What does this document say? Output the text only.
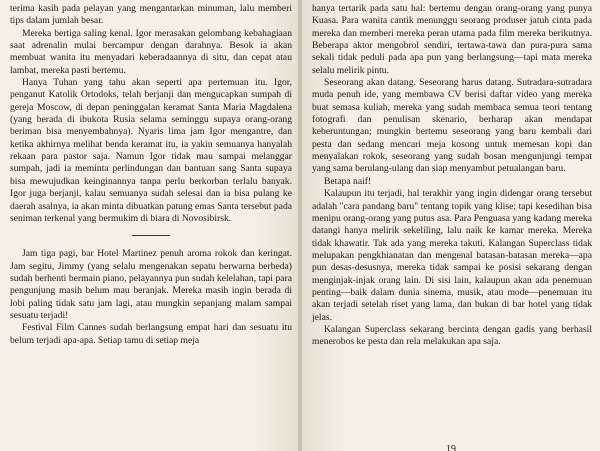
terima kasih pada pelayan yang mengantarkan minuman, lalu memberi tips dalam jumlah besar.

Mereka bertiga saling kenal. Igor merasakan gelombang kebahagiaan saat adrenalin mulai bercampur dengan darahnya. Besok ia akan membuat wanita itu menyadari keberadaannya di situ, dan cepat atau lambat, mereka pasti bertemu.

Hanya Tuhan yang tahu akan seperti apa pertemuan itu. Igor, penganut Katolik Ortodoks, telah berjanji dan mengucapkan sumpah di gereja Moscow, di depan peninggalan keramat Santa Maria Magdalena (yang berada di ibukota Rusia selama seminggu supaya orang-orang beriman bisa menyembahnya). Nyaris lima jam Igor mengantre, dan ketika akhirnya melihat benda keramat itu, ia yakin semuanya hanyalah rekaan para pastor saja. Namun Igor tidak mau sampai melanggar sumpah, jadi ia meminta perlindungan dan bantuan sang Santa supaya bisa mewujudkan keinginannya tanpa perlu berkorban terlalu banyak. Igor juga berjanji, kalau semuanya sudah selesai dan ia bisa pulang ke daerah asalnya, ia akan minta dibuatkan patung emas Santa tersebut pada seniman terkenal yang bermukim di biara di Novosibirsk.

Jam tiga pagi, bar Hotel Martinez penuh aroma rokok dan keringat. Jam segitu, Jimmy (yang selalu mengenakan sepatu berwarna berbeda) sudah berhenti bermain piano, pelayannya pun sudah kelelahan, tapi para pengunjung masih belum mau beranjak. Mereka masih ingin berada di lobi paling tidak satu jam lagi, atau mungkin sepanjang malam sampai sesuatu terjadi!

Festival Film Cannes sudah berlangsung empat hari dan sesuatu itu belum terjadi apa-apa. Setiap tamu di setiap meja

hanya tertarik pada satu hal: bertemu dengan orang-orang yang punya Kuasa. Para wanita cantik menunggu seorang produser jatuh cinta pada mereka dan memberi mereka peran utama pada film mereka berikutnya. Beberapa aktor mengobrol sendiri, tertawa-tawa dan pura-pura sama sekali tidak peduli pada apa pun yang berlangsung—tapi mata mereka selalu melirik pintu.

Seseorang akan datang. Seseorang harus datang. Sutradara-sutradara muda penuh ide, yang membawa CV berisi daftar video yang mereka buat semasa kuliah, mereka yang sudah membaca semua teori tentang fotografi dan penulisan skenario, berharap akan mendapat keberuntungan; mungkin bertemu seseorang yang baru kembali dari pesta dan sedang mencari meja kosong untuk memesan kopi dan menyalakan rokok, seseorang yang sudah bosan mengunjungi tempat yang sama berulang-ulang dan siap menyambut petualangan baru.

Betapa naif!

Kalaupun itu terjadi, hal terakhir yang ingin didengar orang tersebut adalah "cara pandang baru" tentang topik yang klise; tapi kesedihan bisa menipu orang-orang yang putus asa. Para Penguasa yang kadang mereka datangi hanya melirik sekeliling, lalu naik ke kamar mereka. Mereka tidak khawatir. Tak ada yang mereka takuti. Kalangan Superclass tidak melupakan pengkhianatan dan mengenal batasan-batasan mereka—apa pun desas-desusnya, mereka tidak sampai ke posisi sekarang dengan menginjak-injak orang lain. Di sisi lain, kalaupun akan ada penemuan penting—baik dalam dunia sinema, musik, atau mode—penemuan itu akan terjadi setelah riset yang lama, dan bukan di bar hotel yang tidak jelas.

Kalangan Superclass sekarang bercinta dengan gadis yang berhasil menerobos ke pesta dan rela melakukan apa saja.

19
